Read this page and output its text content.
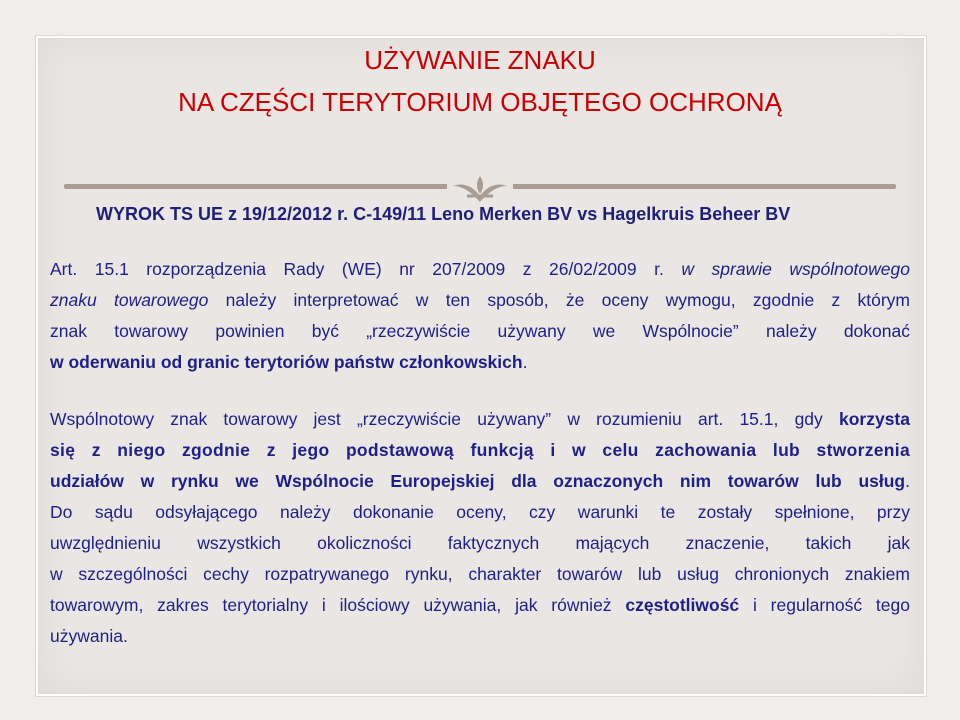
UŻYWANIE ZNAKU
NA CZĘŚCI TERYTORIUM OBJĘTEGO OCHRONĄ
WYROK TS UE z 19/12/2012 r. C-149/11 Leno Merken BV vs Hagelkruis Beheer BV
Art. 15.1 rozporządzenia Rady (WE) nr 207/2009 z 26/02/2009 r. w sprawie wspólnotowego
znaku towarowego należy interpretować w ten sposób, że oceny wymogu, zgodnie z którym
znak towarowy powinien być „rzeczywiście używany we Wspólnocie” należy dokonać
w oderwaniu od granic terytoriów państw członkowskich.
Wspólnotowy znak towarowy jest „rzeczywiście używany” w rozumieniu art. 15.1, gdy korzysta
się z niego zgodnie z jego podstawową funkcją i w celu zachowania lub stworzenia
udziałów w rynku we Wspólnocie Europejskiej dla oznaczonych nim towarów lub usług.
Do sądu odsyłającego należy dokonanie oceny, czy warunki te zostały spełnione, przy
uwzględnieniu wszystkich okoliczności faktycznych mających znaczenie, takich jak
w szczególności cechy rozpatrywanego rynku, charakter towarów lub usług chronionych znakiem
towarowym, zakres terytorialny i ilościowy używania, jak również częstotliwość i regularność tego
używania.
